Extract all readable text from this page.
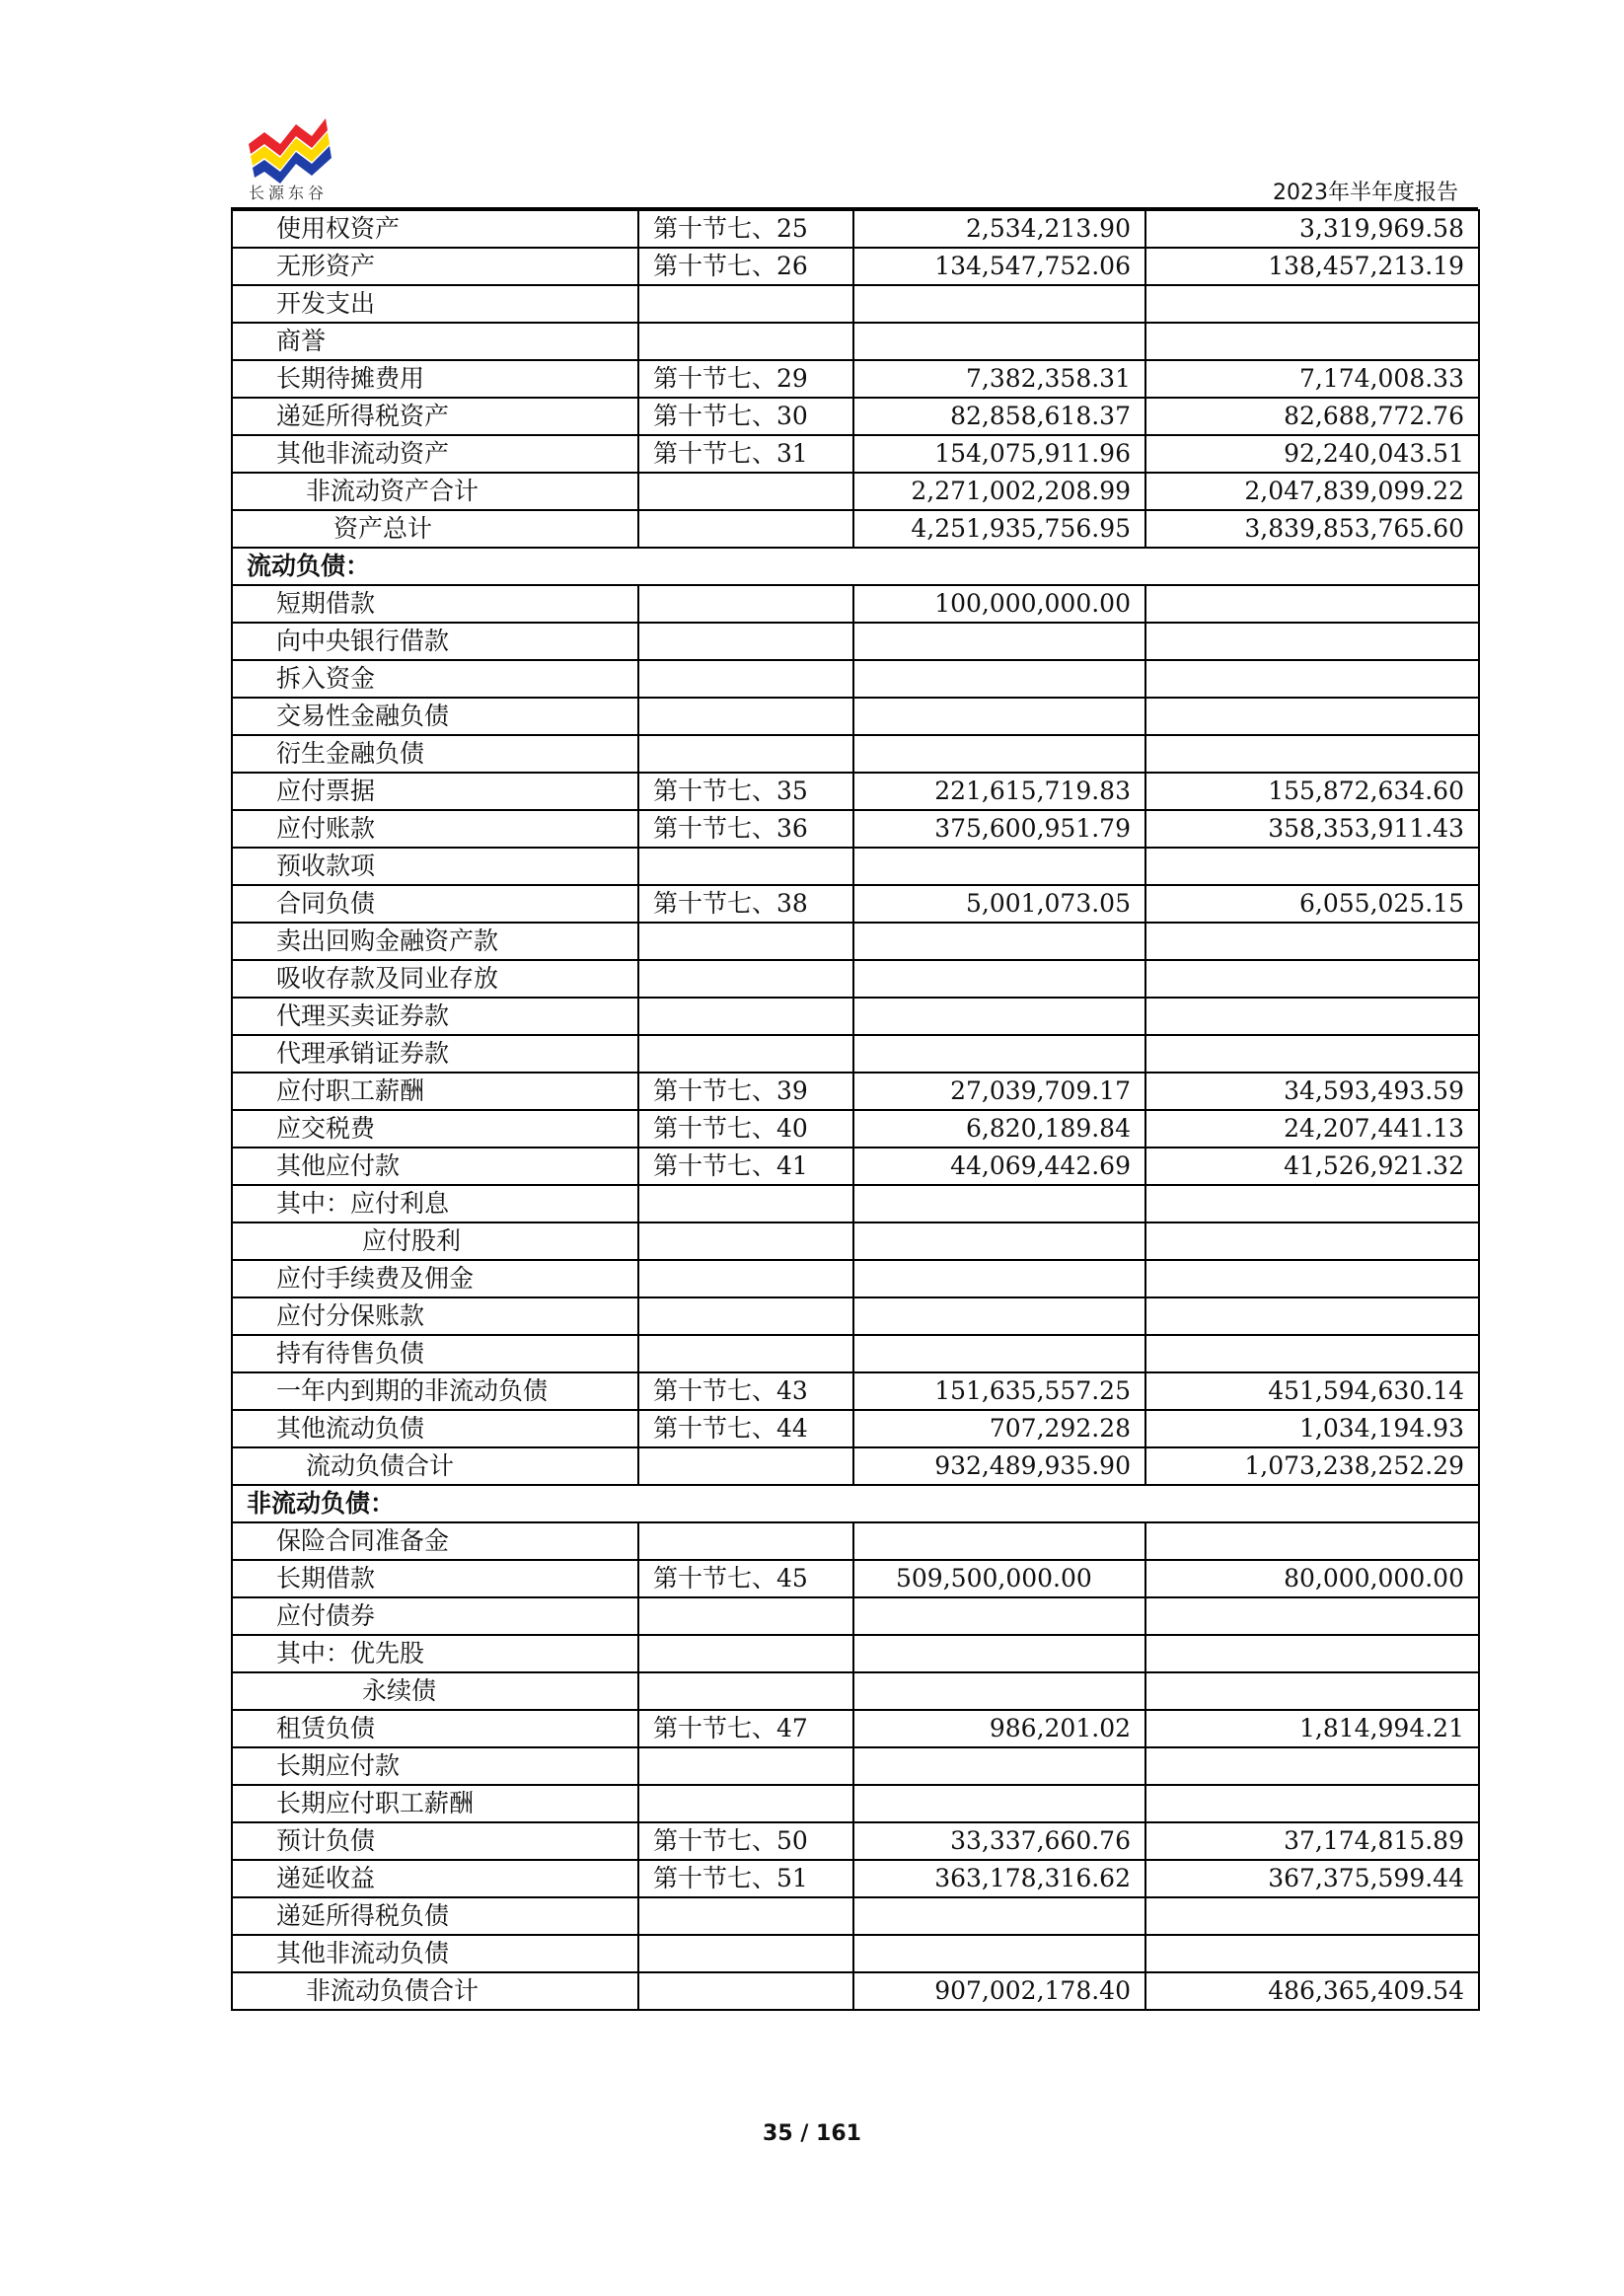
长源东谷	2023年半年度报告
使用权资产	第十节七、25	2,534,213.90	3,319,969.58
无形资产	第十节七、26	134,547,752.06	138,457,213.19
开发支出			
商誉			
长期待摊费用	第十节七、29	7,382,358.31	7,174,008.33
递延所得税资产	第十节七、30	82,858,618.37	82,688,772.76
其他非流动资产	第十节七、31	154,075,911.96	92,240,043.51
非流动资产合计		2,271,002,208.99	2,047,839,099.22
资产总计		4,251,935,756.95	3,839,853,765.60
流动负债：			
短期借款		100,000,000.00	
向中央银行借款			
拆入资金			
交易性金融负债			
衍生金融负债			
应付票据	第十节七、35	221,615,719.83	155,872,634.60
应付账款	第十节七、36	375,600,951.79	358,353,911.43
预收款项			
合同负债	第十节七、38	5,001,073.05	6,055,025.15
卖出回购金融资产款			
吸收存款及同业存放			
代理买卖证券款			
代理承销证券款			
应付职工薪酬	第十节七、39	27,039,709.17	34,593,493.59
应交税费	第十节七、40	6,820,189.84	24,207,441.13
其他应付款	第十节七、41	44,069,442.69	41,526,921.32
其中：应付利息			
应付股利			
应付手续费及佣金			
应付分保账款			
持有待售负债			
一年内到期的非流动负债	第十节七、43	151,635,557.25	451,594,630.14
其他流动负债	第十节七、44	707,292.28	1,034,194.93
流动负债合计		932,489,935.90	1,073,238,252.29
非流动负债：			
保险合同准备金			
长期借款	第十节七、45	509,500,000.00	80,000,000.00
应付债券			
其中：优先股			
永续债			
租赁负债	第十节七、47	986,201.02	1,814,994.21
长期应付款			
长期应付职工薪酬			
预计负债	第十节七、50	33,337,660.76	37,174,815.89
递延收益	第十节七、51	363,178,316.62	367,375,599.44
递延所得税负债			
其他非流动负债			
非流动负债合计		907,002,178.40	486,365,409.54
35 / 161
